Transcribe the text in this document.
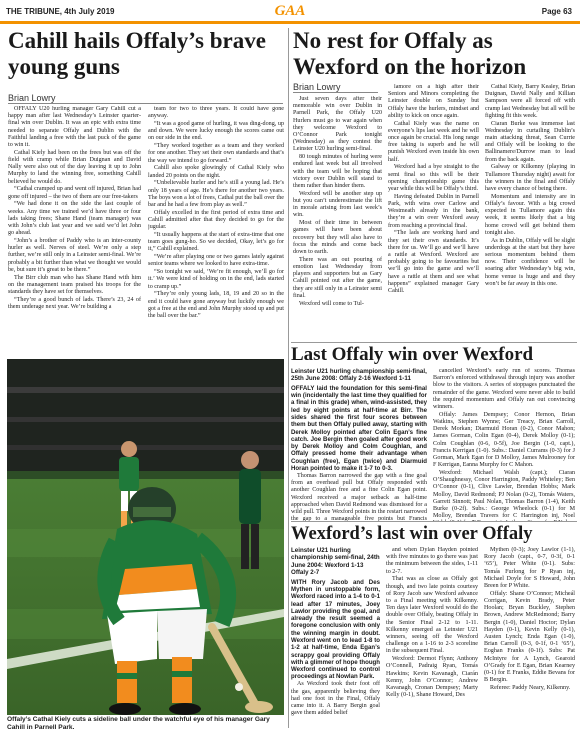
THE TRIBUNE, 4th July 2019	GAA	Page 63
Cahill hails Offaly’s brave young guns
Brian Lowry

OFFALY U20 hurling manager Gary Cahill cut a happy man after last Wednesday’s Leinster quarter-final win over Dublin. It was an epic with extra time needed to separate Offaly and Dublin with the Faithful landing a free with the last puck of the game to win it.

Cathal Kiely had been on the frees but was off the field with cramp while Brian Duignan and David Nally were also out of the day leaving it up to John Murphy to land the winning free, something Cahill believed he would do.

“Cathal cramped up and went off injured, Brian had gone off injured – the two of them are our free-takers

“We had done it on the side the last couple of weeks. Any time we trained we’d have three or four lads taking frees; Shane Hand (team manager) was with John’s club last year and we said we’d let John go ahead.

“John’s a brother of Paddy who is an inter-county hurler as well. Nerves of steel. We’re only a step further, we’re still only in a Leinster semi-final. We’re probably a bit further than what we thought we would be, but sure it’s great to be there.”

The Birr club man who has Shane Hand with him on the management team praised his troops for the standards they have set for themselves.

“They’re a good bunch of lads. There’s 23, 24 of them underage next year. We’re building a

team for two to three years. It could have gone anyway.

“It was a good game of hurling, it was ding-dong, up and down. We were lucky enough the scores came out on our side in the end.

“They worked together as a team and they worked for one another. They set their own standards and that’s the way we intend to go forward.”

Cahill also spoke glowingly of Cathal Kiely who landed 20 points on the night.

“Unbelievable hurler and he’s still a young lad. He’s only 18 years of age. He’s there for another two years. The boys won a lot of frees, Cathal put the ball over the bar and he had a few from play as well.”

Offaly excelled in the first period of extra time and Cahill admitted after that they decided to go for the jugular.

“It usually happens at the start of extra-time that one team goes gung-ho. So we decided, Okay, let’s go for it,” Cahill explained.

“We’re after playing one or two games lately against senior teams where we looked to have extra-time.

“So tonight we said, ‘We’re fit enough, we’ll go for it.’ We were kind of holding on in the end, lads started to cramp up.”

“They’re only young lads, 18, 19 and 20 so in the end it could have gone anyway but luckily enough we got a free at the end and John Murphy stood up and put the ball over the bar.”

No rest for Offaly as Wexford on the horizon
Brian Lowry

Just seven days after their memorable win over Dublin in Parnell Park, the Offaly U20 Hurlers must go to war again when they welcome Wexford to O’Connor Park tonight (Wednesday) as they contest the Leinster U20 hurling semi-final.

80 tough minutes of hurling were endured last week but all involved with the team will be hoping that victory over Dublin will stand to them rather than hinder them.

Wexford will be another step up but you can’t underestimate the lift in morale arising from last week’s win.

Most of their time in between games will have been about recovery but they will also have to focus the minds and come back down to earth.

There was an out pouring of emotion last Wednesday from players and supporters but as Gary Cahill pointed out after the game, they are still only in a Leinster semi final.

Wexford will come to Tul-

lamore on a high after their Seniors and Minors completing the Leinster double on Sunday but Offaly have the hurlers, mindset and ability to kick on once again.

Cathal Kiely was the name on everyone’s lips last week and he will once again be crucial. His long range free taking is superb and he will punish Wexford even inside his own half.

Wexford had a bye straight to the semi final so this will be their opening championship game this year while this will be Offaly’s third.

Having defeated Dublin in Parnell Park, with wins over Carlow and Westmeath already in the bank, they’re a win over Wexford away from reaching a provincial final.

“The lads are working hard and they set their own standards. It’s there for us. We’ll go and we’ll have a rattle at Wexford. Wexford are probably going to be favourites but we’ll go into the game and we’ll have a rattle at them and see what happens” explained manager Gary Cahill.

Cathal Kiely, Barry Kealey, Brian Duignan, David Nally and Killian Sampson were all forced off with cramp last Wednesday but all will be fighting fit this week.

Ciaran Burke was immense last Wednesday in curtailing Dublin’s main attacking threat, Sean Currie and Offaly will be looking to the Ballinamere/Durrow man to lead from the back again.

Galway or Kilkenny (playing in Tullamore Thursday night) await for the winners in the final and Offaly have every chance of being there.

Momentum and intensity are in Offaly’s favour. With a big crowd expected in Tullamore again this week, it seems likely that a big home crowd will get behind them tonight also.

As in Dublin, Offaly will be slight underdogs at the start but they have serious momentum behind them now. Their confidence will be soaring after Wednesday’s big win, home venue is huge and and they won’t be far away in this one.

Last Offaly win over Wexford
Leinster U21 hurling championship semi-final, 25th June 2008: Offaly 2-16 Wexford 1-11

OFFALY laid the foundation for this semi-final win (incidentally the last time they qualified for a final in this grade) when, wind-assisted, they led by eight points at half-time at Birr. The sides shared the first four scores between them but then Offaly pulled away, starting with Derek Molloy pointed after Colin Egan’s fine catch. Joe Bergin then goaled after good work by Derek Molloy and Colm Coughlan, and Offaly pressed home their advantage when Coughlan (free), Egan (twice) and Diarmuid Horan pointed to make it 1-7 to 0-3.

Thomas Barron narrowed the gap with a fine goal from an overhead pull but Offaly responded with another Coughlan free and a fine Colin Egan point. Wexford received a major setback as half-time approached when David Redmond was dismissed for a wild pull. Three Wexford points in the restart narrowed the gap to a manageable five points but Francis

cancelled Wexford’s early run of scores. Thomas Barron’s enforced withdrawal through injury was another blow to the visitors. A series of stoppages punctuated the remainder of the game. Wexford were never able to build the required momentum and Offaly ran out convincing winners.

Offaly: James Dempsey; Conor Hernon, Brian Watkins, Stephen Wynne; Ger Treacy, Brian Carroll, Derek Morkan; Diarmuid Horan (0-2), Conor Mahon; James Gorman, Colin Egan (0-4), Derek Molloy (0-1); Colm Coughlan (0-6, 0-5f), Joe Bergin (1-0, capt.), Francis Kerrigan (1-0). Subs.: Daniel Currams (0-3) for J Gorman, Mark Egan for D Molloy, James Mulrooney for F Kerrigan, Eanna Murphy for C Mahon.

Wexford: Michael Walsh (capt.); Ciaran O’Shaughnessy, Conor Harrington, Paddy Whiteley; Ben O’Connor (0-1), Clive Lawler, Brendan Hobbs; Mark Molloy, David Redmond; PJ Nolan (0-2), Tomás Waters, Garrett Sinnott; Paul Nolan, Thomas Barron (1-4), Keith Burke (0-2f). Subs.: George Wheelock (0-1) for M Molloy, Brendan Travers for C Harrington inj, Noel

Wexford’s last win over Offaly
Leinster U21 hurling championship semi-final, 24th June 2004: Wexford 1-13 Offaly 2-7

WITH Rory Jacob and Des Mythen in unstoppable form, Wexford raced into a 1-4 to 0-1 lead after 17 minutes, Joey Lawlor providing the goal, and already the result seemed a foregone conclusion with only the winning margin in doubt. Wexford went on to lead 1-8 to 1-2 at half-time, Enda Egan’s scrappy goal providing Offaly with a glimmer of hope though Wexford continued to control proceedings at Nowlan Park.

As Wexford took their foot off the gas, apparently believing they had one foot in the Final, Offaly came into it. A Barry Bergin goal gave them added belief

and when Dylan Hayden pointed with five minutes to go there was just the minimum between the sides, 1-11 to 2-7.

That was as close as Offaly got though, and two late points courtesy of Rory Jacob saw Wexford advance to a Final meeting with Kilkenny. Ten days later Wexford would do the double over Offaly, beating Offaly in the Senior Final 2-12 to 1-11. Kilkenny emerged as Leinster U21 winners, seeing off the Wexford challenge on a 1-16 to 2-3 scoreline in the subsequent Final.

Wexford: Dermot Flynn; Anthony O’Connell, Padraig Ryan, Tomás Hawkins; Kevin Kavanagh, Ciarán Kenny, John O’Connor; Andrew Kavanagh, Cronan Dempsey; Marty Kelly (0-1), Shane Howard, Des

Mythen (0-3); Joey Lawlor (1-1), Rory Jacob (capt., 0-7, 0-3f, 0-1 ‘65’), Peter White (0-1). Subs: Tomás Furlong for P Ryan inj, Michael Doyle for S Howard, John Breen for P White.

Offaly: Shane O’Connor; Micheál Corrigan, Kevin Brady, Peter Hoolan; Bryan Buckley, Stephen Brown, Andrew McRedmond; Barry Bergin (1-0), Daniel Hoctor; Dylan Hayden (0-1), Kevin Kelly (0-1), Austen Lynch; Enda Egan (1-0), Brian Carroll (0-3, 0-1f, 0-1 ‘65’), Eoghan Franks (0-1f). Subs: Pat McIntyre for A Lynch, Gearoid O’Grady for E Egan, Brian Kearney (0-1) for E Franks, Eddie Bevans for B Bergin.

Referee: Paddy Neary, Kilkenny.

Offaly’s Cathal Kiely cuts a sideline ball under the watchful eye of his manager Gary Cahill in Parnell Park.
